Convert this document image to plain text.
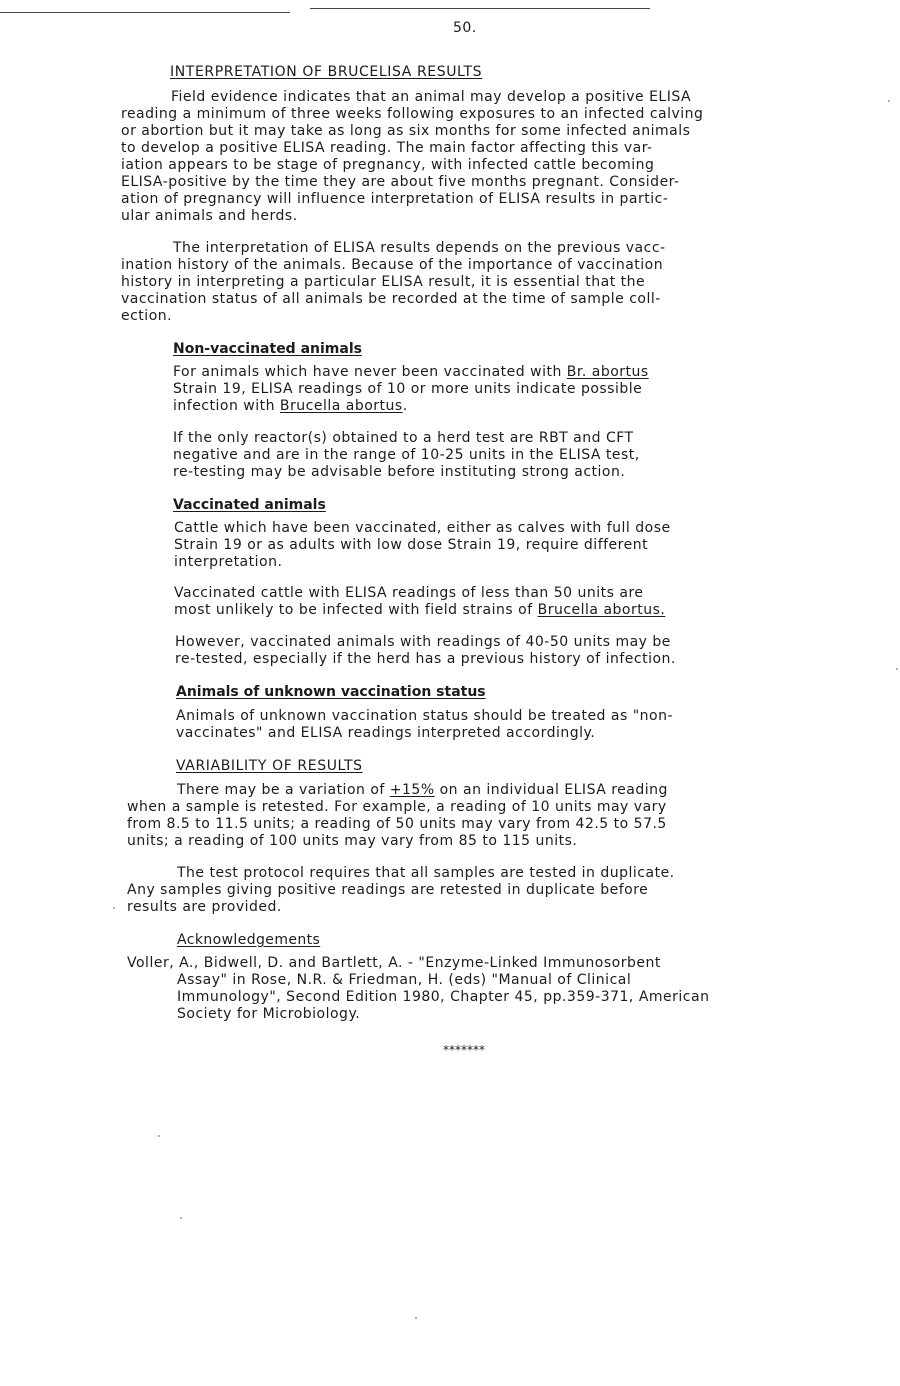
50.
INTERPRETATION OF BRUCELISA RESULTS
Field evidence indicates that an animal may develop a positive ELISA
reading a minimum of three weeks following exposures to an infected calving
or abortion but it may take as long as six months for some infected animals
to develop a positive ELISA reading. The main factor affecting this var-
iation appears to be stage of pregnancy, with infected cattle becoming
ELISA-positive by the time they are about five months pregnant. Consider-
ation of pregnancy will influence interpretation of ELISA results in partic-
ular animals and herds.
The interpretation of ELISA results depends on the previous vacc-
ination history of the animals. Because of the importance of vaccination
history in interpreting a particular ELISA result, it is essential that the
vaccination status of all animals be recorded at the time of sample coll-
ection.
Non-vaccinated animals
For animals which have never been vaccinated with Br. abortus
Strain 19, ELISA readings of 10 or more units indicate possible
infection with Brucella abortus.
If the only reactor(s) obtained to a herd test are RBT and CFT
negative and are in the range of 10-25 units in the ELISA test,
re-testing may be advisable before instituting strong action.
Vaccinated animals
Cattle which have been vaccinated, either as calves with full dose
Strain 19 or as adults with low dose Strain 19, require different
interpretation.
Vaccinated cattle with ELISA readings of less than 50 units are
most unlikely to be infected with field strains of Brucella abortus.
However, vaccinated animals with readings of 40-50 units may be
re-tested, especially if the herd has a previous history of infection.
Animals of unknown vaccination status
Animals of unknown vaccination status should be treated as "non-
vaccinates" and ELISA readings interpreted accordingly.
VARIABILITY OF RESULTS
There may be a variation of +15% on an individual ELISA reading
when a sample is retested. For example, a reading of 10 units may vary
from 8.5 to 11.5 units; a reading of 50 units may vary from 42.5 to 57.5
units; a reading of 100 units may vary from 85 to 115 units.
The test protocol requires that all samples are tested in duplicate.
Any samples giving positive readings are retested in duplicate before
results are provided.
Acknowledgements
Voller, A., Bidwell, D. and Bartlett, A. - "Enzyme-Linked Immunosorbent
Assay" in Rose, N.R. & Friedman, H. (eds) "Manual of Clinical
Immunology", Second Edition 1980, Chapter 45, pp.359-371, American
Society for Microbiology.
*******
